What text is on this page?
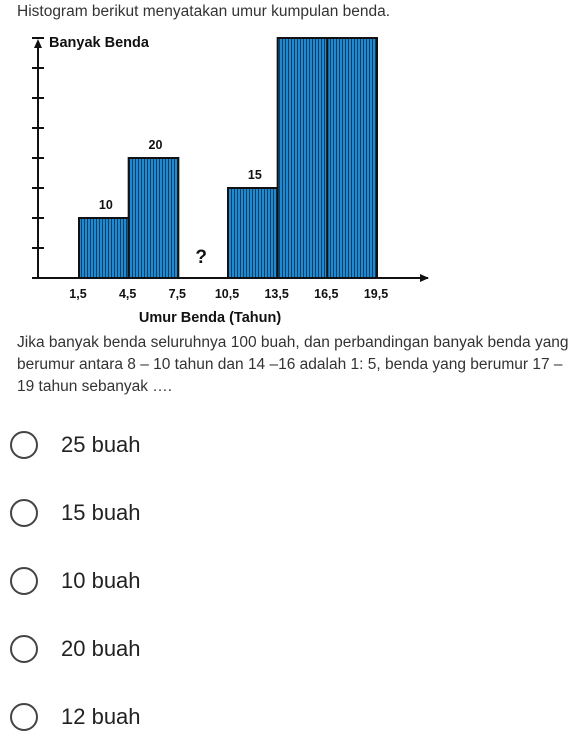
Histogram berikut menyatakan umur kumpulan benda.
10
20
?
15
1,5	4,5	7,5 10,5 13,5 16,5 19,5
Banyak Benda
Umur Benda (Tahun)
Jika banyak benda seluruhnya 100 buah, dan perbandingan banyak benda yang berumur antara 8 – 10 tahun dan 14 –16 adalah 1: 5, benda yang berumur 17 – 19 tahun sebanyak ….
25 buah
15 buah
10 buah
20 buah
12 buah
